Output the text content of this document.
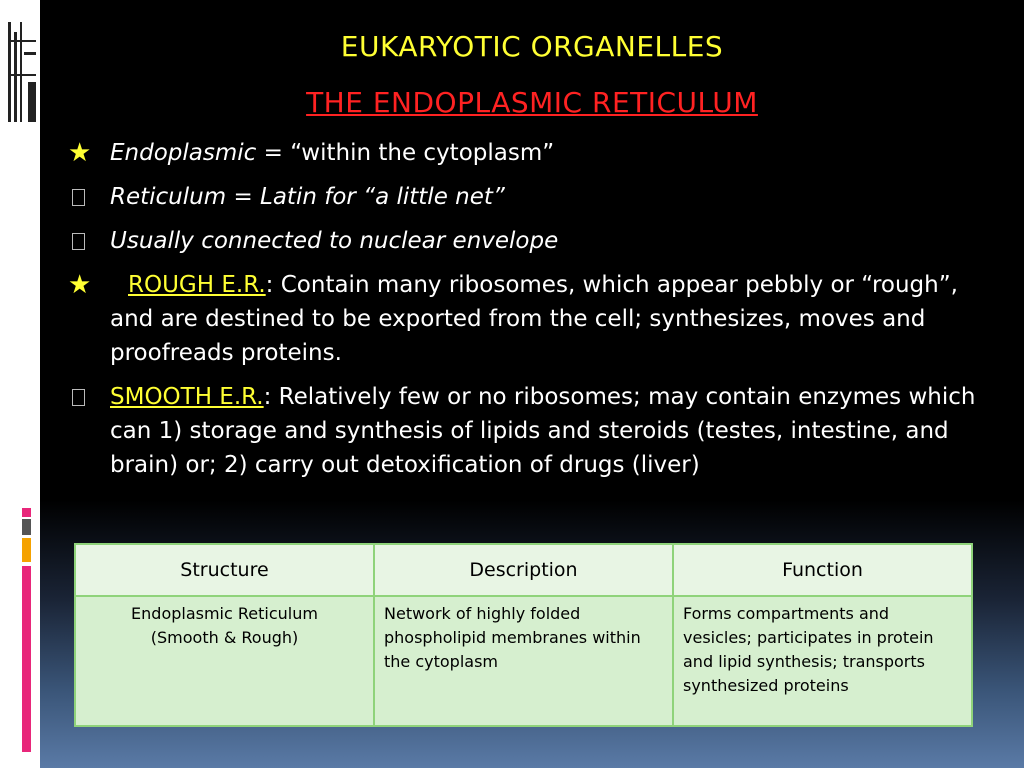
EUKARYOTIC ORGANELLES
THE ENDOPLASMIC RETICULUM
★ Endoplasmic = “within the cytoplasm”
Reticulum = Latin for “a little net”
Usually connected to nuclear envelope
★	ROUGH E.R.: Contain many ribosomes, which appear pebbly or “rough”, and are destined to be exported from the cell; synthesizes, moves and proofreads proteins.
SMOOTH E.R.: Relatively few or no ribosomes; may contain enzymes which can 1) storage and synthesis of lipids and steroids (testes, intestine, and brain) or; 2) carry out detoxification of drugs (liver)
Structure	Description	Function
Endoplasmic Reticulum
(Smooth & Rough)	Network of highly folded phospholipid membranes within the cytoplasm	Forms compartments and vesicles; participates in protein and lipid synthesis; transports synthesized proteins
